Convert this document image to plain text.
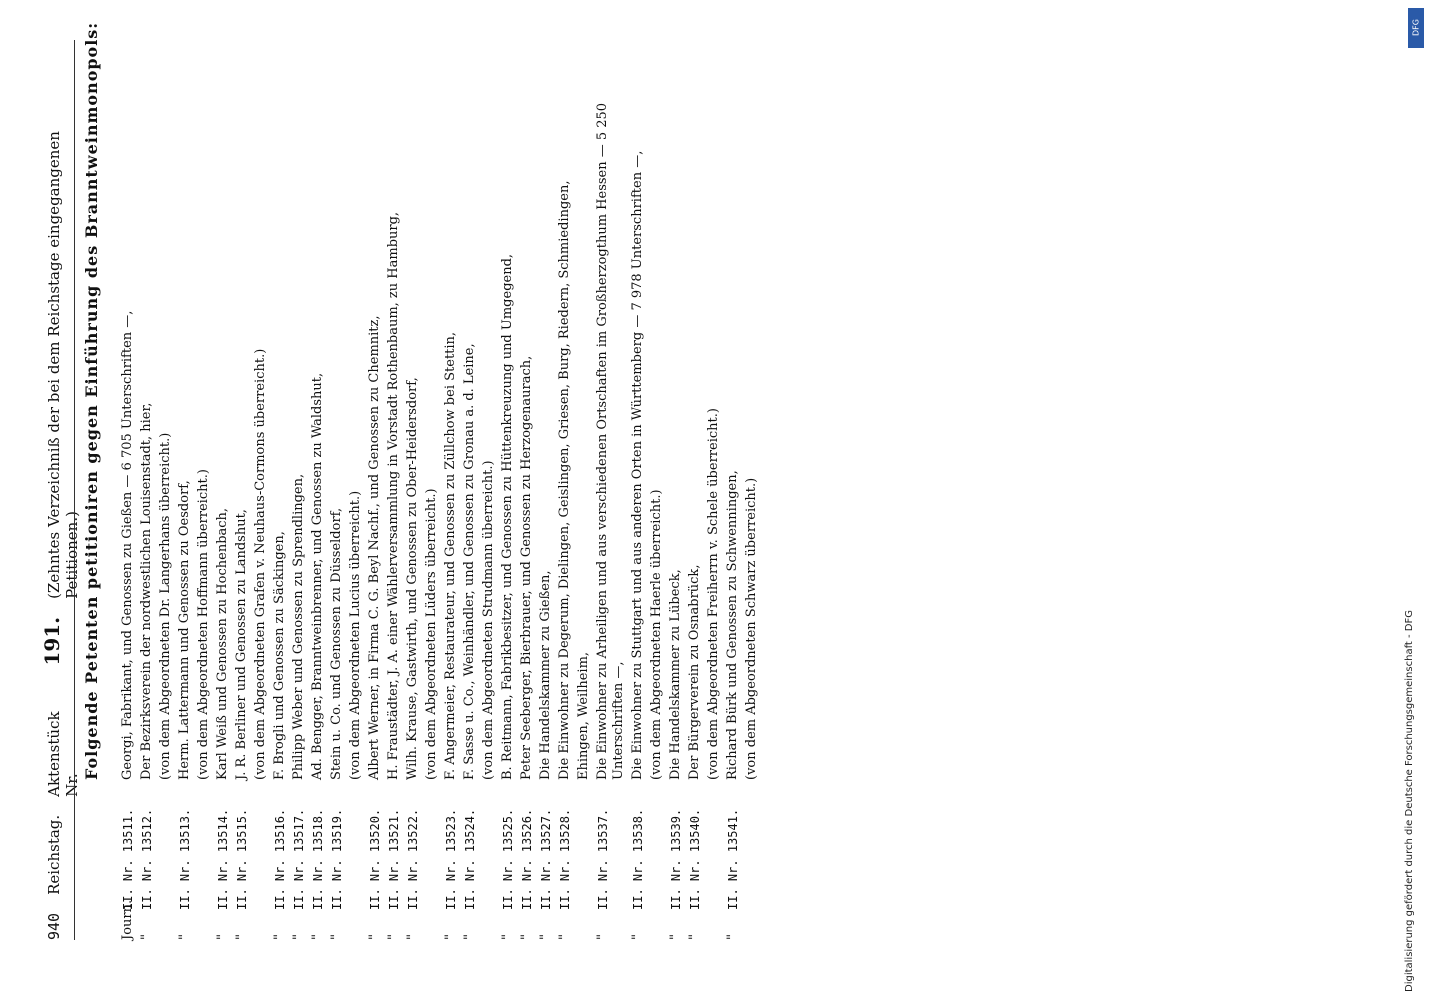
940
Reichstag.
Aktenstück Nr.
191.
(Zehntes Verzeichniß der bei dem Reichstage eingegangenen Petitionen.) Folgende Petenten petitioniren gegen Einführung des Branntweinmonopols:
Journ.
II. Nr. 13511.
Georgi, Fabrikant, und Genossen zu Gießen — 6 705 Unterschriften —,
"
II. Nr. 13512.
Der Bezirksverein der nordwestlichen Louisenstadt, hier, (von dem Abgeordneten Dr. Langerhans überreicht.)
"
II. Nr. 13513.
Herm. Lattermann und Genossen zu Oesdorf, (von dem Abgeordneten Hoffmann überreicht.)
"
II. Nr. 13514.
Karl Weiß und Genossen zu Hochenbach,
"
II. Nr. 13515.
J. R. Berliner und Genossen zu Landshut, (von dem Abgeordneten Grafen v. Neuhaus-Cormons überreicht.)
"
II. Nr. 13516.
F. Brogli und Genossen zu Säckingen,
"
II. Nr. 13517.
Philipp Weber und Genossen zu Sprendlingen,
"
II. Nr. 13518.
Ad. Bengger, Branntweinbrenner, und Genossen zu Waldshut,
"
II. Nr. 13519.
Stein u. Co. und Genossen zu Düsseldorf, (von dem Abgeordneten Lucius überreicht.)
"
II. Nr. 13520.
Albert Werner, in Firma C. G. Beyl Nachf., und Genossen zu Chemnitz,
"
II. Nr. 13521.
H. Fraustädter, J. A. einer Wählerversammlung in Vorstadt Rothenbaum, zu Hamburg,
"
II. Nr. 13522.
Wilh. Krause, Gastwirth, und Genossen zu Ober-Heidersdorf, (von dem Abgeordneten Lüders überreicht.)
"
II. Nr. 13523.
F. Angermeier, Restaurateur, und Genossen zu Züllchow bei Stettin,
"
II. Nr. 13524.
F. Sasse u. Co., Weinhändler, und Genossen zu Gronau a. d. Leine, (von dem Abgeordneten Strudmann überreicht.)
"
II. Nr. 13525.
B. Reitmann, Fabrikbesitzer, und Genossen zu Hüttenkreuzung und Umgegend,
"
II. Nr. 13526.
Peter Seeberger, Bierbrauer, und Genossen zu Herzogenaurach,
"
II. Nr. 13527.
Die Handelskammer zu Gießen,
"
II. Nr. 13528.
Die Einwohner zu Degerum, Dielingen, Geislingen, Griesen, Burg, Riedern, Schmiedingen, Ehingen, Weilheim,
"
II. Nr. 13537.
Die Einwohner zu Arheiligen und aus verschiedenen Ortschaften im Großherzogthum Hessen — 5 250 Unterschriften —,
"
II. Nr. 13538.
Die Einwohner zu Stuttgart und aus anderen Orten in Württemberg — 7 978 Unterschriften —, (von dem Abgeordneten Haerle überreicht.)
"
II. Nr. 13539.
Die Handelskammer zu Lübeck,
"
II. Nr. 13540.
Der Bürgerverein zu Osnabrück, (von dem Abgeordneten Freiherrn v. Schele überreicht.)
"
II. Nr. 13541.
Richard Bürk und Genossen zu Schwenningen, (von dem Abgeordneten Schwarz überreicht.)	Digitalisierung gefördert durch die Deutsche Forschungsgemeinschaft - DFG
DFG
